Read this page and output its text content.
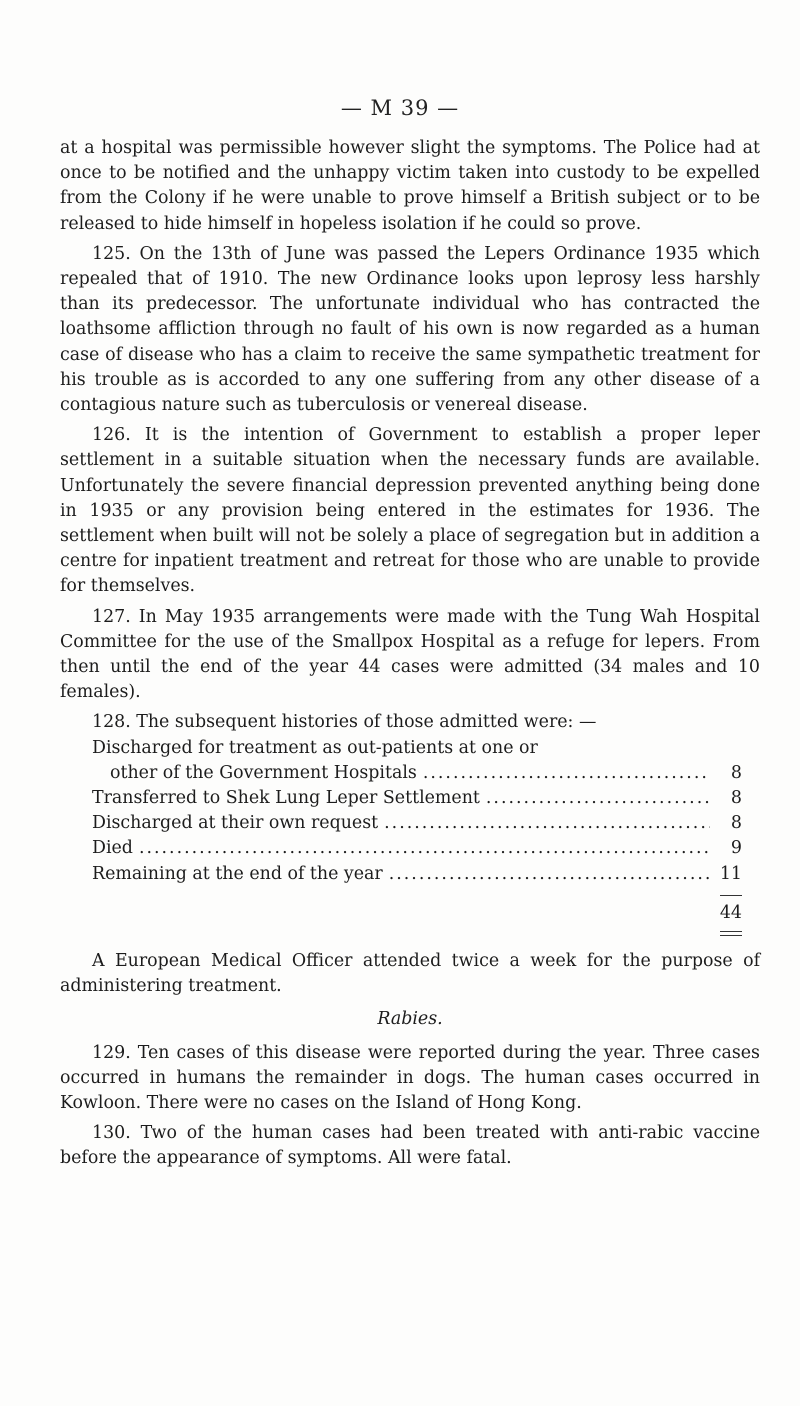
— M 39 —

at a hospital was permissible however slight the symptoms. The Police had at once to be notified and the unhappy victim taken into custody to be expelled from the Colony if he were unable to prove himself a British subject or to be released to hide himself in hopeless isolation if he could so prove.

125. On the 13th of June was passed the Lepers Ordinance 1935 which repealed that of 1910. The new Ordinance looks upon leprosy less harshly than its predecessor. The unfortunate individual who has contracted the loathsome affliction through no fault of his own is now regarded as a human case of disease who has a claim to receive the same sympathetic treatment for his trouble as is accorded to any one suffering from any other disease of a contagious nature such as tuberculosis or venereal disease.

126. It is the intention of Government to establish a proper leper settlement in a suitable situation when the necessary funds are available. Unfortunately the severe financial depression prevented anything being done in 1935 or any provision being entered in the estimates for 1936. The settlement when built will not be solely a place of segregation but in addition a centre for inpatient treatment and retreat for those who are unable to provide for themselves.

127. In May 1935 arrangements were made with the Tung Wah Hospital Committee for the use of the Smallpox Hospital as a refuge for lepers. From then until the end of the year 44 cases were admitted (34 males and 10 females).

128. The subsequent histories of those admitted were: —

Discharged for treatment as out-patients at one or
other of the Government Hospitals .....	8
Transferred to Shek Lung Leper Settlement .....	8
Discharged at their own request .....	8
Died .....	9
Remaining at the end of the year .....	11
44

A European Medical Officer attended twice a week for the purpose of administering treatment.

Rabies.

129. Ten cases of this disease were reported during the year. Three cases occurred in humans the remainder in dogs. The human cases occurred in Kowloon. There were no cases on the Island of Hong Kong.

130. Two of the human cases had been treated with anti-rabic vaccine before the appearance of symptoms. All were fatal.
